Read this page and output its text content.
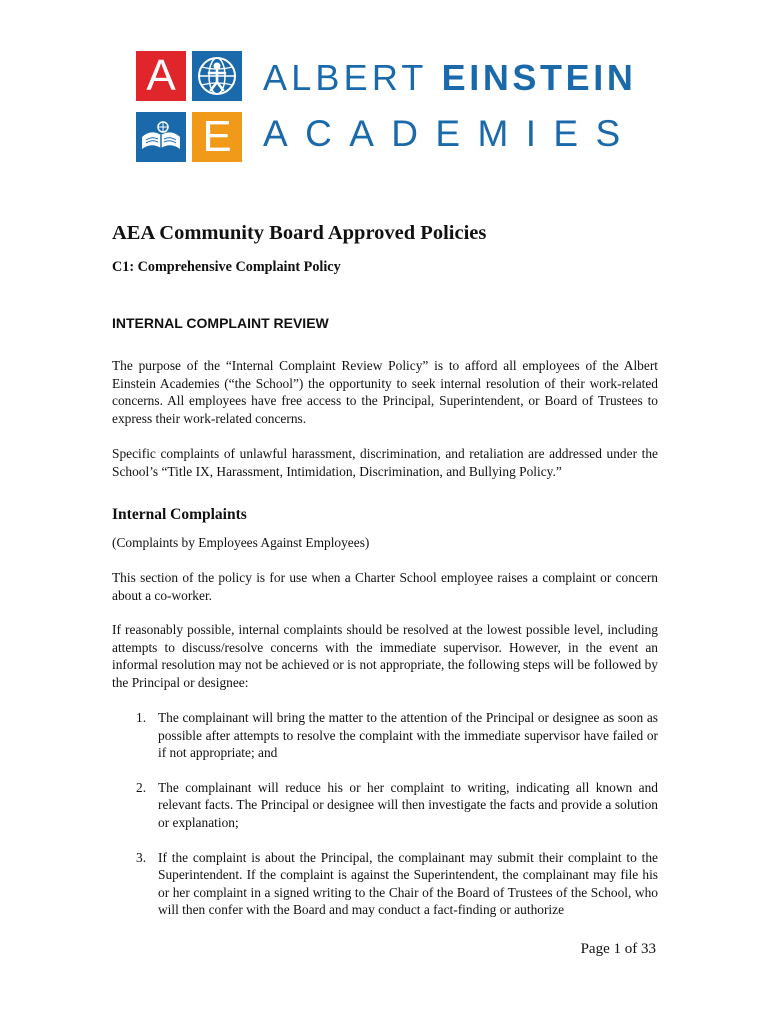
A
E
ALBERT EINSTEIN
ACADEMIES
AEA Community Board Approved Policies
C1: Comprehensive Complaint Policy
INTERNAL COMPLAINT REVIEW

The purpose of the “Internal Complaint Review Policy” is to afford all employees of the Albert Einstein Academies (“the School”) the opportunity to seek internal resolution of their work-related concerns. All employees have free access to the Principal, Superintendent, or Board of Trustees to express their work-related concerns.

Specific complaints of unlawful harassment, discrimination, and retaliation are addressed under the School’s “Title IX, Harassment, Intimidation, Discrimination, and Bullying Policy.”

Internal Complaints

(Complaints by Employees Against Employees)

This section of the policy is for use when a Charter School employee raises a complaint or concern about a co-worker.

If reasonably possible, internal complaints should be resolved at the lowest possible level, including attempts to discuss/resolve concerns with the immediate supervisor. However, in the event an informal resolution may not be achieved or is not appropriate, the following steps will be followed by the Principal or designee:

1. The complainant will bring the matter to the attention of the Principal or designee as soon as possible after attempts to resolve the complaint with the immediate supervisor have failed or if not appropriate; and
2. The complainant will reduce his or her complaint to writing, indicating all known and relevant facts. The Principal or designee will then investigate the facts and provide a solution or explanation;
3. If the complaint is about the Principal, the complainant may submit their complaint to the Superintendent. If the complaint is against the Superintendent, the complainant may file his or her complaint in a signed writing to the Chair of the Board of Trustees of the School, who will then confer with the Board and may conduct a fact-finding or authorize
Page 1 of 33
